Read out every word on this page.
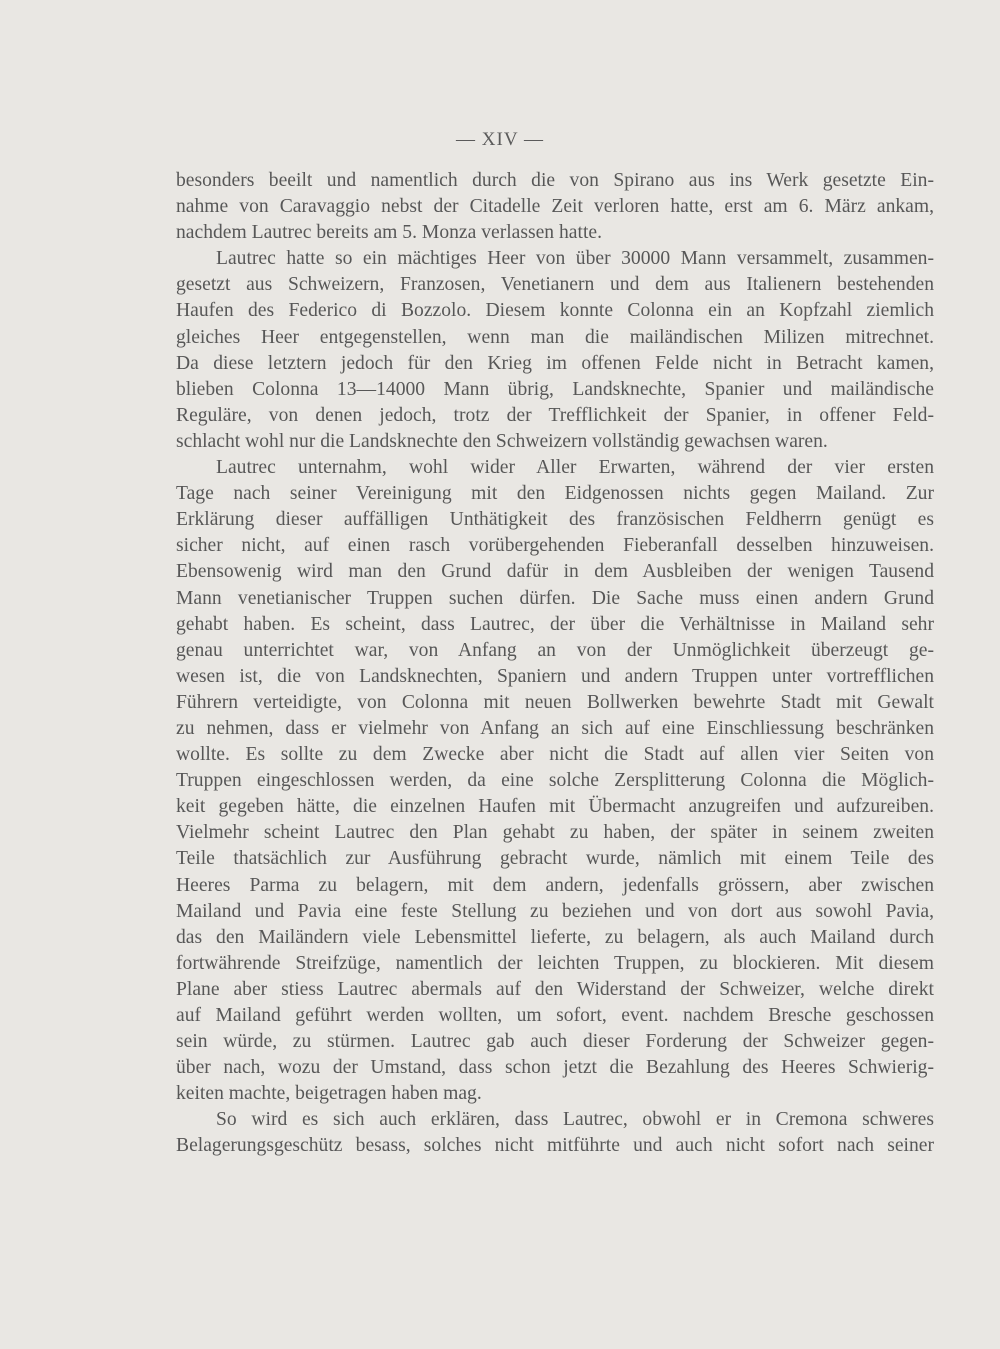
— XIV —
besonders beeilt und namentlich durch die von Spirano aus ins Werk gesetzte Ein-
nahme von Caravaggio nebst der Citadelle Zeit verloren hatte, erst am 6. März ankam,
nachdem Lautrec bereits am 5. Monza verlassen hatte.
Lautrec hatte so ein mächtiges Heer von über 30000 Mann versammelt, zusammen-
gesetzt aus Schweizern, Franzosen, Venetianern und dem aus Italienern bestehenden
Haufen des Federico di Bozzolo. Diesem konnte Colonna ein an Kopfzahl ziemlich
gleiches Heer entgegenstellen, wenn man die mailändischen Milizen mitrechnet.
Da diese letztern jedoch für den Krieg im offenen Felde nicht in Betracht kamen,
blieben Colonna 13—14000 Mann übrig, Landsknechte, Spanier und mailändische
Reguläre, von denen jedoch, trotz der Trefflichkeit der Spanier, in offener Feld-
schlacht wohl nur die Landsknechte den Schweizern vollständig gewachsen waren.
Lautrec unternahm, wohl wider Aller Erwarten, während der vier ersten
Tage nach seiner Vereinigung mit den Eidgenossen nichts gegen Mailand. Zur
Erklärung dieser auffälligen Unthätigkeit des französischen Feldherrn genügt es
sicher nicht, auf einen rasch vorübergehenden Fieberanfall desselben hinzuweisen.
Ebensowenig wird man den Grund dafür in dem Ausbleiben der wenigen Tausend
Mann venetianischer Truppen suchen dürfen. Die Sache muss einen andern Grund
gehabt haben. Es scheint, dass Lautrec, der über die Verhältnisse in Mailand sehr
genau unterrichtet war, von Anfang an von der Unmöglichkeit überzeugt ge-
wesen ist, die von Landsknechten, Spaniern und andern Truppen unter vortrefflichen
Führern verteidigte, von Colonna mit neuen Bollwerken bewehrte Stadt mit Gewalt
zu nehmen, dass er vielmehr von Anfang an sich auf eine Einschliessung beschränken
wollte. Es sollte zu dem Zwecke aber nicht die Stadt auf allen vier Seiten von
Truppen eingeschlossen werden, da eine solche Zersplitterung Colonna die Möglich-
keit gegeben hätte, die einzelnen Haufen mit Übermacht anzugreifen und aufzureiben.
Vielmehr scheint Lautrec den Plan gehabt zu haben, der später in seinem zweiten
Teile thatsächlich zur Ausführung gebracht wurde, nämlich mit einem Teile des
Heeres Parma zu belagern, mit dem andern, jedenfalls grössern, aber zwischen
Mailand und Pavia eine feste Stellung zu beziehen und von dort aus sowohl Pavia,
das den Mailändern viele Lebensmittel lieferte, zu belagern, als auch Mailand durch
fortwährende Streifzüge, namentlich der leichten Truppen, zu blockieren. Mit diesem
Plane aber stiess Lautrec abermals auf den Widerstand der Schweizer, welche direkt
auf Mailand geführt werden wollten, um sofort, event. nachdem Bresche geschossen
sein würde, zu stürmen. Lautrec gab auch dieser Forderung der Schweizer gegen-
über nach, wozu der Umstand, dass schon jetzt die Bezahlung des Heeres Schwierig-
keiten machte, beigetragen haben mag.
So wird es sich auch erklären, dass Lautrec, obwohl er in Cremona schweres
Belagerungsgeschütz besass, solches nicht mitführte und auch nicht sofort nach seiner
